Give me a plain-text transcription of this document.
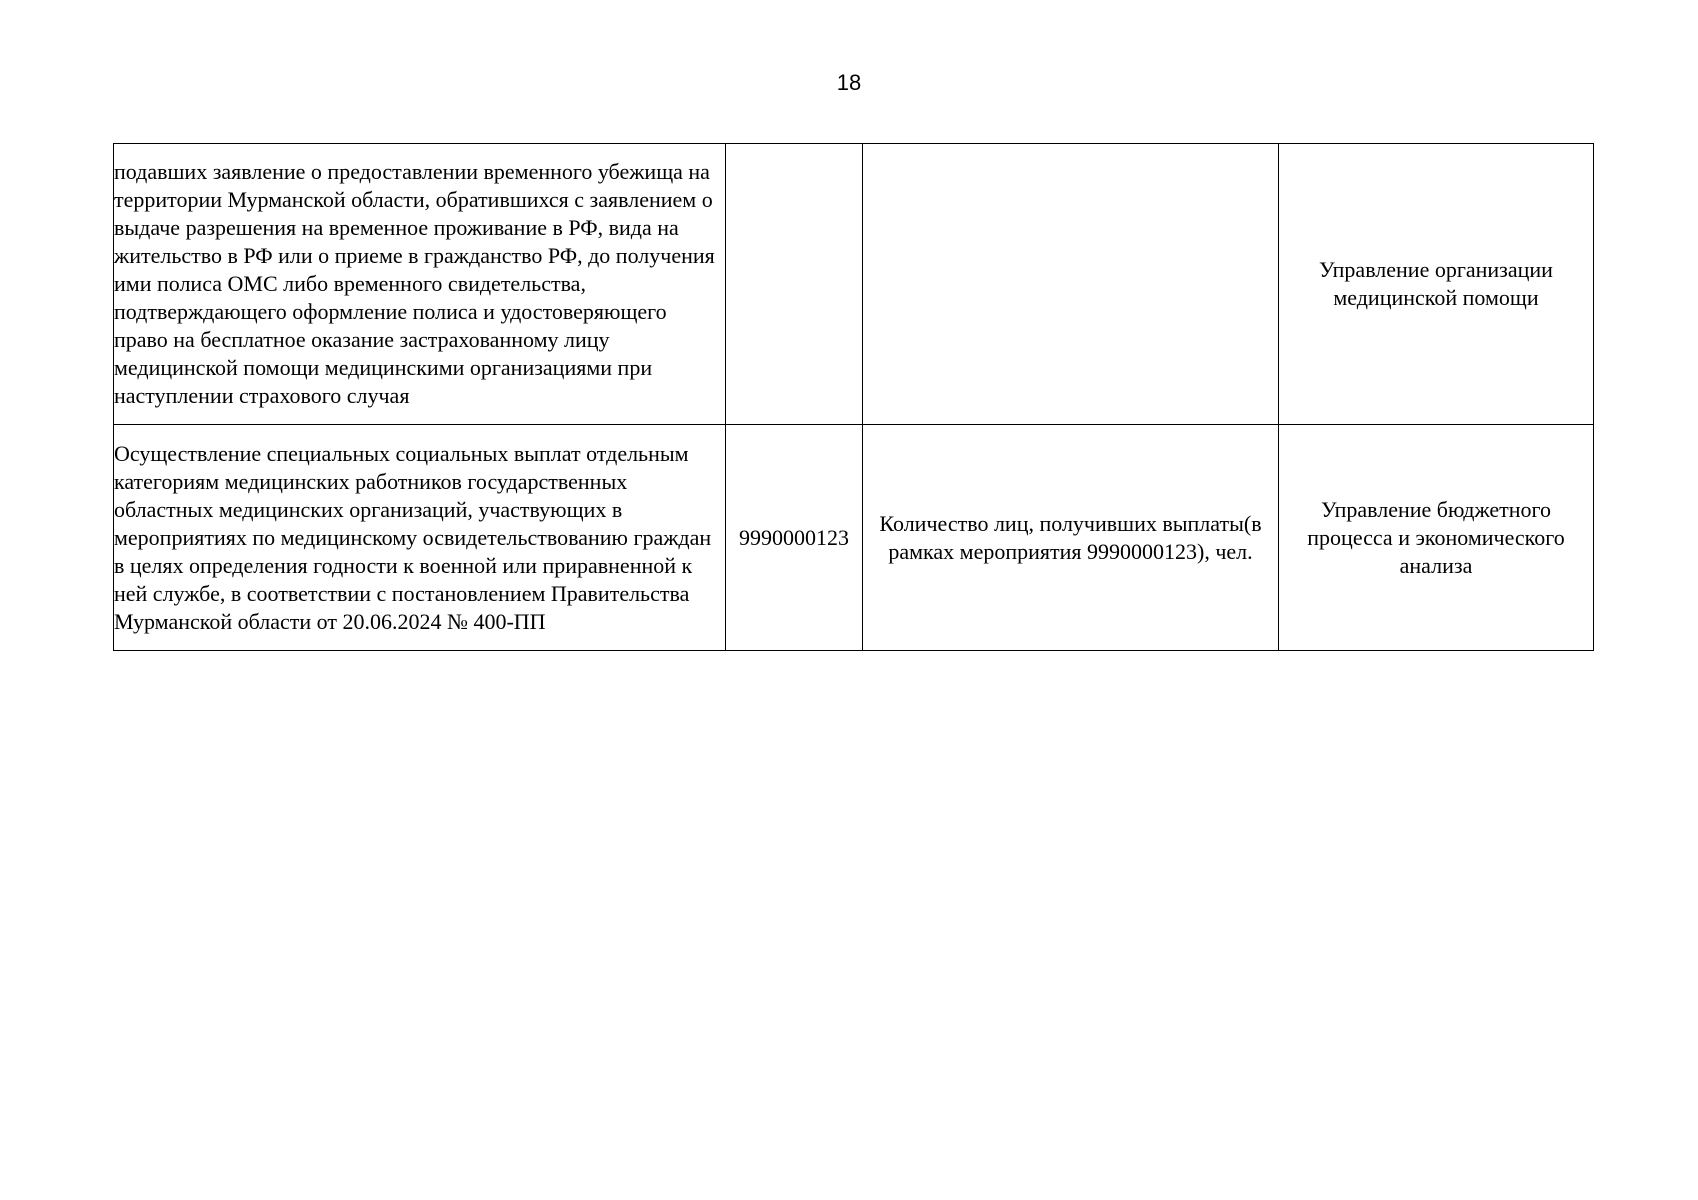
18
подавших заявление о предоставлении временного убежища на территории Мурманской области, обратившихся с заявлением о выдаче разрешения на временное проживание в РФ, вида на жительство в РФ или о приеме в гражданство РФ, до получения ими полиса ОМС либо временного свидетельства, подтверждающего оформление полиса и удостоверяющего право на бесплатное оказание застрахованному лицу медицинской помощи медицинскими организациями при наступлении страхового случая			Управление организации медицинской помощи
Осуществление специальных социальных выплат отдельным категориям медицинских работников государственных областных медицинских организаций, участвующих в мероприятиях по медицинскому освидетельствованию граждан в целях определения годности к военной или приравненной к ней службе, в соответствии с постановлением Правительства Мурманской области от 20.06.2024 № 400-ПП	9990000123	Количество лиц, получивших выплаты(в рамках мероприятия 9990000123), чел.	Управление бюджетного процесса и экономического анализа
